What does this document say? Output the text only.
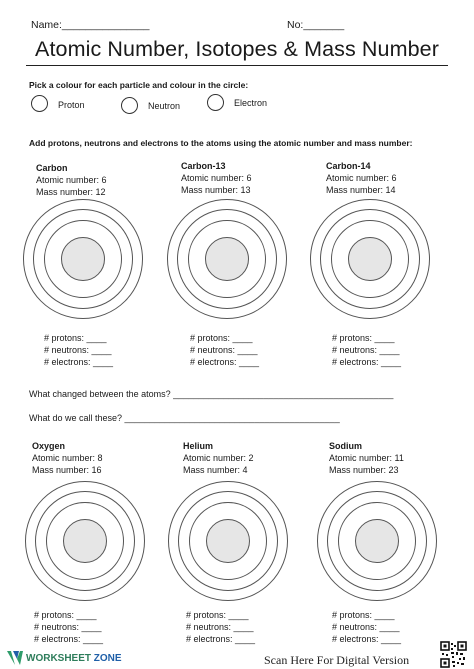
Name:_______________	No:_______
Atomic Number, Isotopes & Mass Number
Pick a colour for each particle and colour in the circle:
Proton	Neutron	Electron
Add protons, neutrons and electrons to the atoms using the atomic number and mass number:
Carbon
Atomic number: 6
Mass number: 12
# protons: ____
# neutrons: ____
# electrons: ____
Carbon-13
Atomic number: 6
Mass number: 13
# protons: ____
# neutrons: ____
# electrons: ____
Carbon-14
Atomic number: 6
Mass number: 14
# protons: ____
# neutrons: ____
# electrons: ____
What changed between the atoms? ____________________________________________
What do we call these? ___________________________________________
Oxygen
Atomic number: 8
Mass number: 16
# protons: ____
# neutrons: ____
# electrons: ____
Helium
Atomic number: 2
Mass number: 4
# protons: ____
# neutrons: ____
# electrons: ____
Sodium
Atomic number: 11
Mass number: 23
# protons: ____
# neutrons: ____
# electrons: ____
WORKSHEET ZONE	Scan Here For Digital Version
